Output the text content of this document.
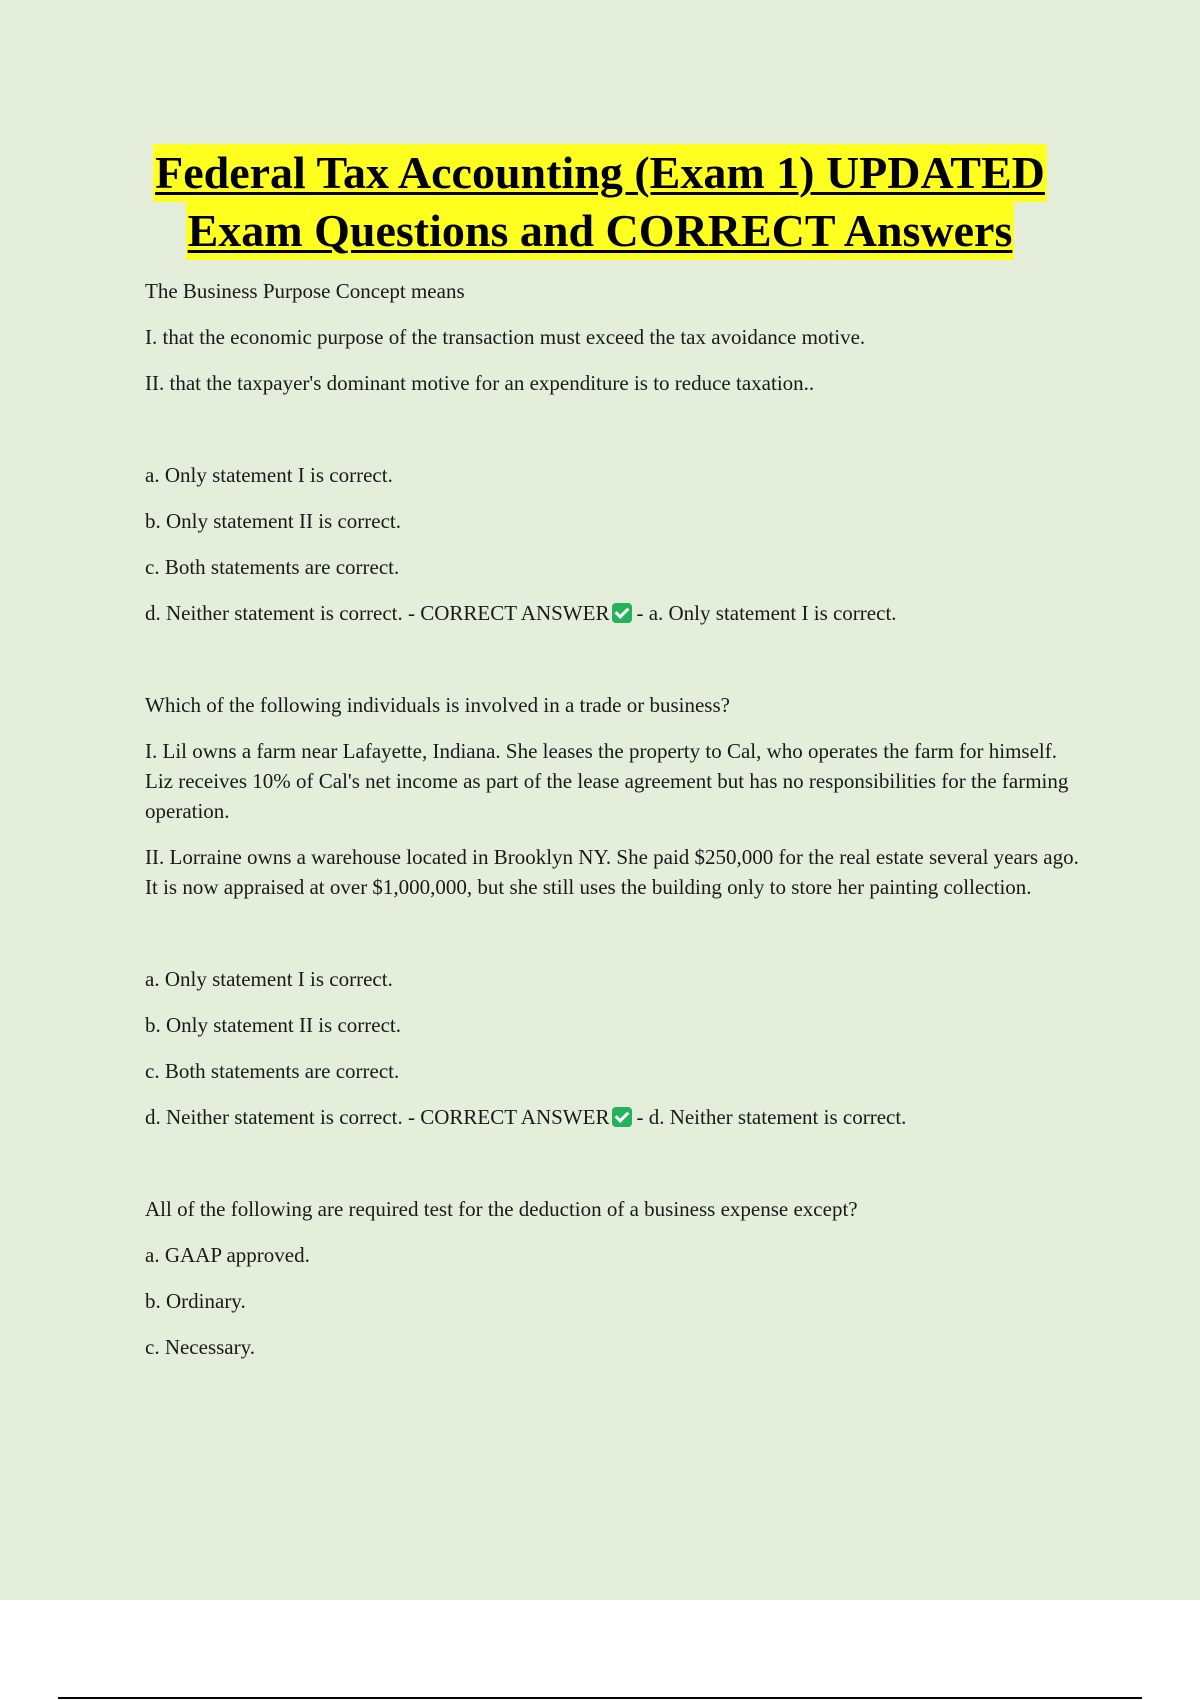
Federal Tax Accounting (Exam 1) UPDATED
Exam Questions and CORRECT Answers

The Business Purpose Concept means

I. that the economic purpose of the transaction must exceed the tax avoidance motive.

II. that the taxpayer's dominant motive for an expenditure is to reduce taxation..

a. Only statement I is correct.

b. Only statement II is correct.

c. Both statements are correct.

d. Neither statement is correct. - CORRECT ANSWER - a. Only statement I is correct.

Which of the following individuals is involved in a trade or business?

I. Lil owns a farm near Lafayette, Indiana. She leases the property to Cal, who operates the farm for himself. Liz receives 10% of Cal's net income as part of the lease agreement but has no responsibilities for the farming operation.

II. Lorraine owns a warehouse located in Brooklyn NY. She paid $250,000 for the real estate several years ago. It is now appraised at over $1,000,000, but she still uses the building only to store her painting collection.

a. Only statement I is correct.

b. Only statement II is correct.

c. Both statements are correct.

d. Neither statement is correct. - CORRECT ANSWER - d. Neither statement is correct.

All of the following are required test for the deduction of a business expense except?

a. GAAP approved.

b. Ordinary.

c. Necessary.
